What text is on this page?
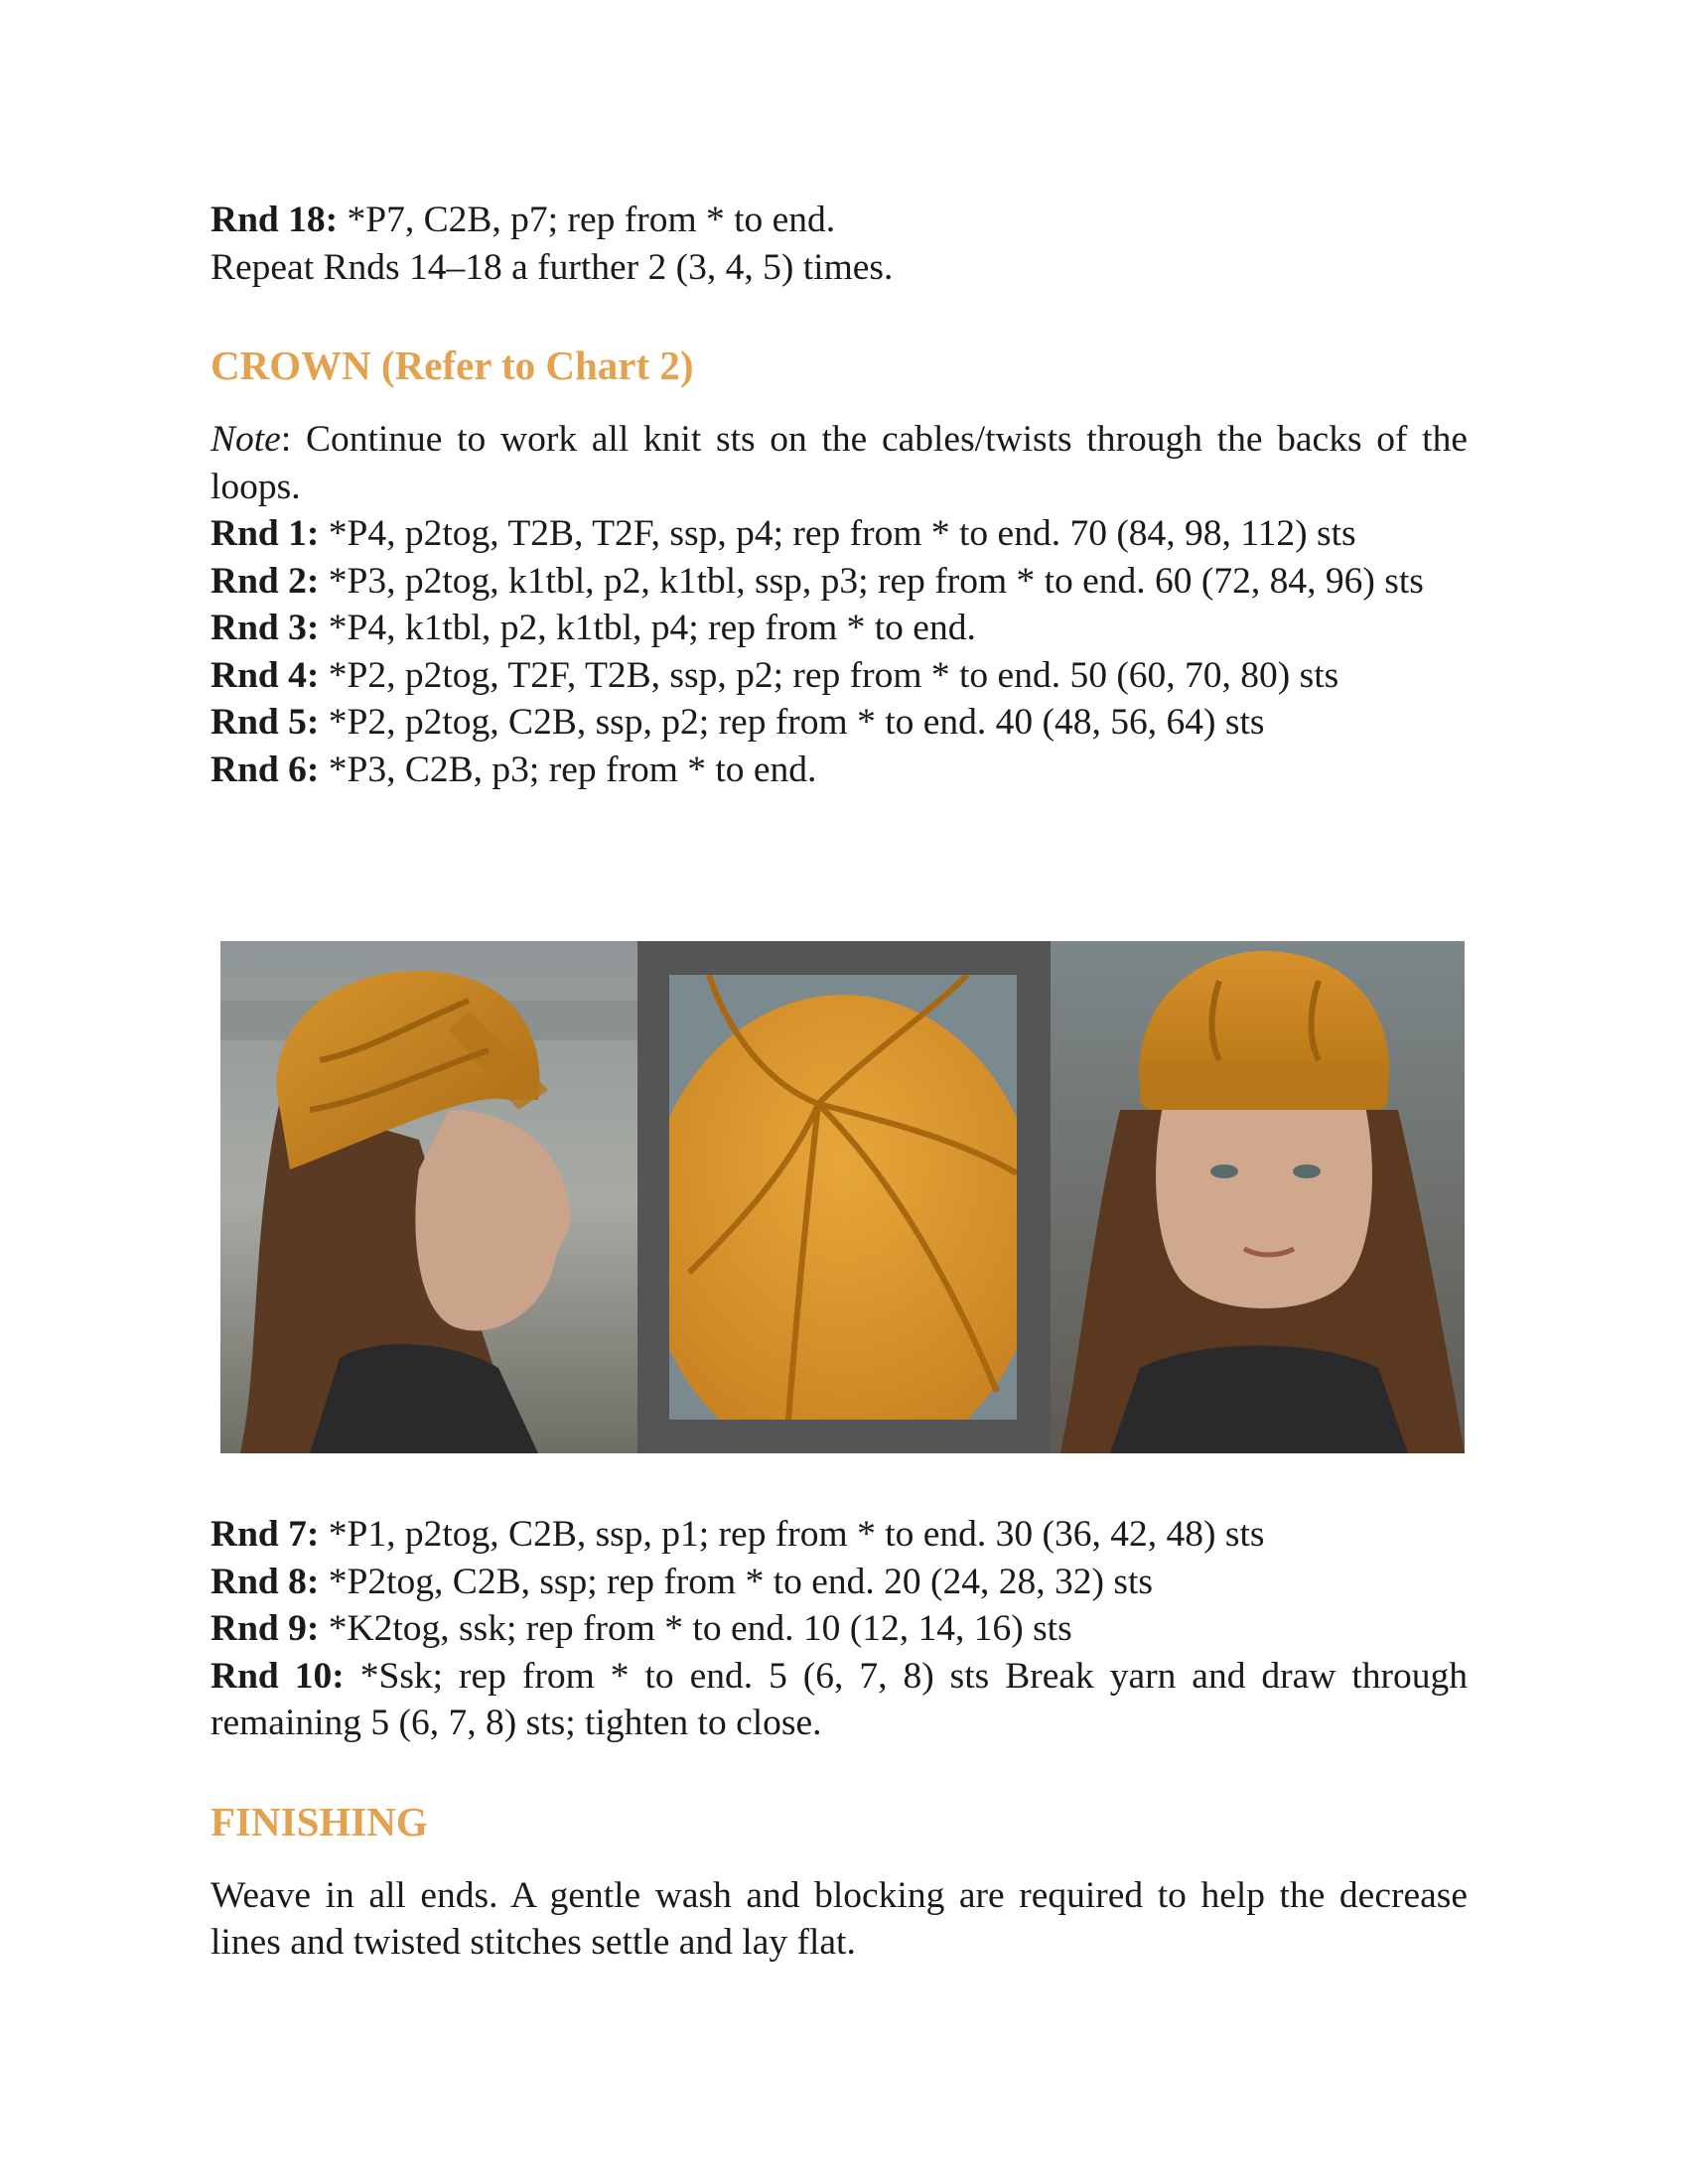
Rnd 18: *P7, C2B, p7; rep from * to end.

Repeat Rnds 14–18 a further 2 (3, 4, 5) times.

CROWN (Refer to Chart 2)

Note: Continue to work all knit sts on the cables/twists through the backs of the loops.

Rnd 1: *P4, p2tog, T2B, T2F, ssp, p4; rep from * to end. 70 (84, 98, 112) sts

Rnd 2: *P3, p2tog, k1tbl, p2, k1tbl, ssp, p3; rep from * to end. 60 (72, 84, 96) sts

Rnd 3: *P4, k1tbl, p2, k1tbl, p4; rep from * to end.

Rnd 4: *P2, p2tog, T2F, T2B, ssp, p2; rep from * to end. 50 (60, 70, 80) sts

Rnd 5: *P2, p2tog, C2B, ssp, p2; rep from * to end. 40 (48, 56, 64) sts

Rnd 6: *P3, C2B, p3; rep from * to end.

Rnd 7: *P1, p2tog, C2B, ssp, p1; rep from * to end. 30 (36, 42, 48) sts

Rnd 8: *P2tog, C2B, ssp; rep from * to end. 20 (24, 28, 32) sts

Rnd 9: *K2tog, ssk; rep from * to end. 10 (12, 14, 16) sts

Rnd 10: *Ssk; rep from * to end. 5 (6, 7, 8) sts Break yarn and draw through remaining 5 (6, 7, 8) sts; tighten to close.

FINISHING

Weave in all ends. A gentle wash and blocking are required to help the decrease lines and twisted stitches settle and lay flat.
